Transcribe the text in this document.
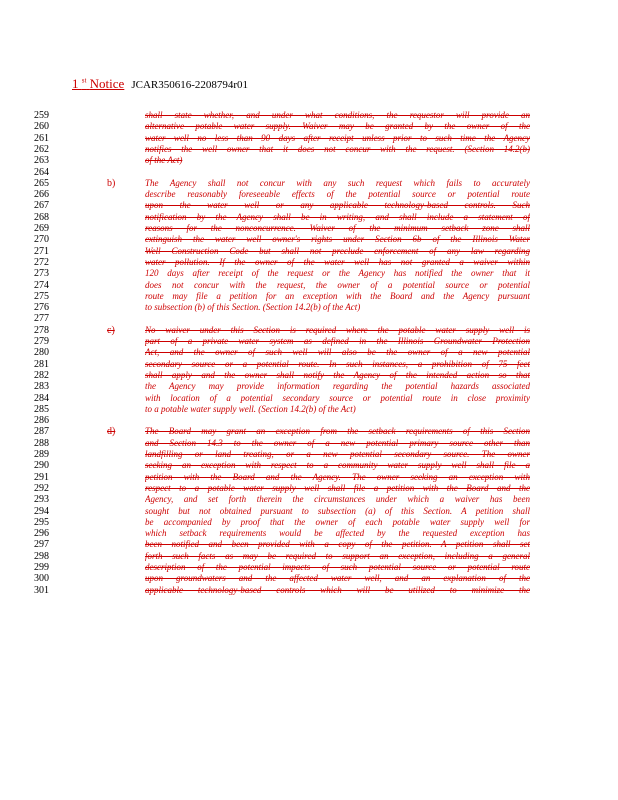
1 $^{st}$ Notice JCAR350616-2208794r01
259	shall state whether, and under what conditions, the requestor will provide an
260	alternative potable water supply. Waiver may be granted by the owner of the
261	water well no less than 90 days after receipt unless prior to such time the Agency
262	notifies the well owner that it does not concur with the request. (Section 14.2(b)
263	of the Act)
264
265	b)	The Agency shall not concur with any such request which fails to accurately
266	describe reasonably foreseeable effects of the potential source or potential route
267	upon the water well or any applicable technology-based controls. Such
268	notification by the Agency shall be in writing, and shall include a statement of
269	reasons for the nonconcurrence. Waiver of the minimum setback zone shall
270	extinguish the water well owner's rights under Section 6b of the Illinois Water
271	Well Construction Code but shall not preclude enforcement of any law regarding
272	water pollution. If the owner of the water well has not granted a waiver within
273	120 days after receipt of the request or the Agency has notified the owner that it
274	does not concur with the request, the owner of a potential source or potential
275	route may file a petition for an exception with the Board and the Agency pursuant
276	to subsection (b) of this Section. (Section 14.2(b) of the Act)
277
278	c)	No waiver under this Section is required where the potable water supply well is
279	part of a private water system as defined in the Illinois Groundwater Protection
280	Act, and the owner of such well will also be the owner of a new potential
281	secondary source or a potential route. In such instances, a prohibition of 75 feet
282	shall apply and the owner shall notify the Agency of the intended action so that
283	the Agency may provide information regarding the potential hazards associated
284	with location of a potential secondary source or potential route in close proximity
285	to a potable water supply well. (Section 14.2(b) of the Act)
286
287	d)	The Board may grant an exception from the setback requirements of this Section
288	and Section 14.3 to the owner of a new potential primary source other than
289	landfilling or land treating, or a new potential secondary source. The owner
290	seeking an exception with respect to a community water supply well shall file a
291	petition with the Board and the Agency. The owner seeking an exception with
292	respect to a potable water supply well shall file a petition with the Board and the
293	Agency, and set forth therein the circumstances under which a waiver has been
294	sought but not obtained pursuant to subsection (a) of this Section. A petition shall
295	be accompanied by proof that the owner of each potable water supply well for
296	which setback requirements would be affected by the requested exception has
297	been notified and been provided with a copy of the petition. A petition shall set
298	forth such facts as may be required to support an exception, including a general
299	description of the potential impacts of such potential source or potential route
300	upon groundwaters and the affected water well, and an explanation of the
301	applicable technology-based controls which will be utilized to minimize the
